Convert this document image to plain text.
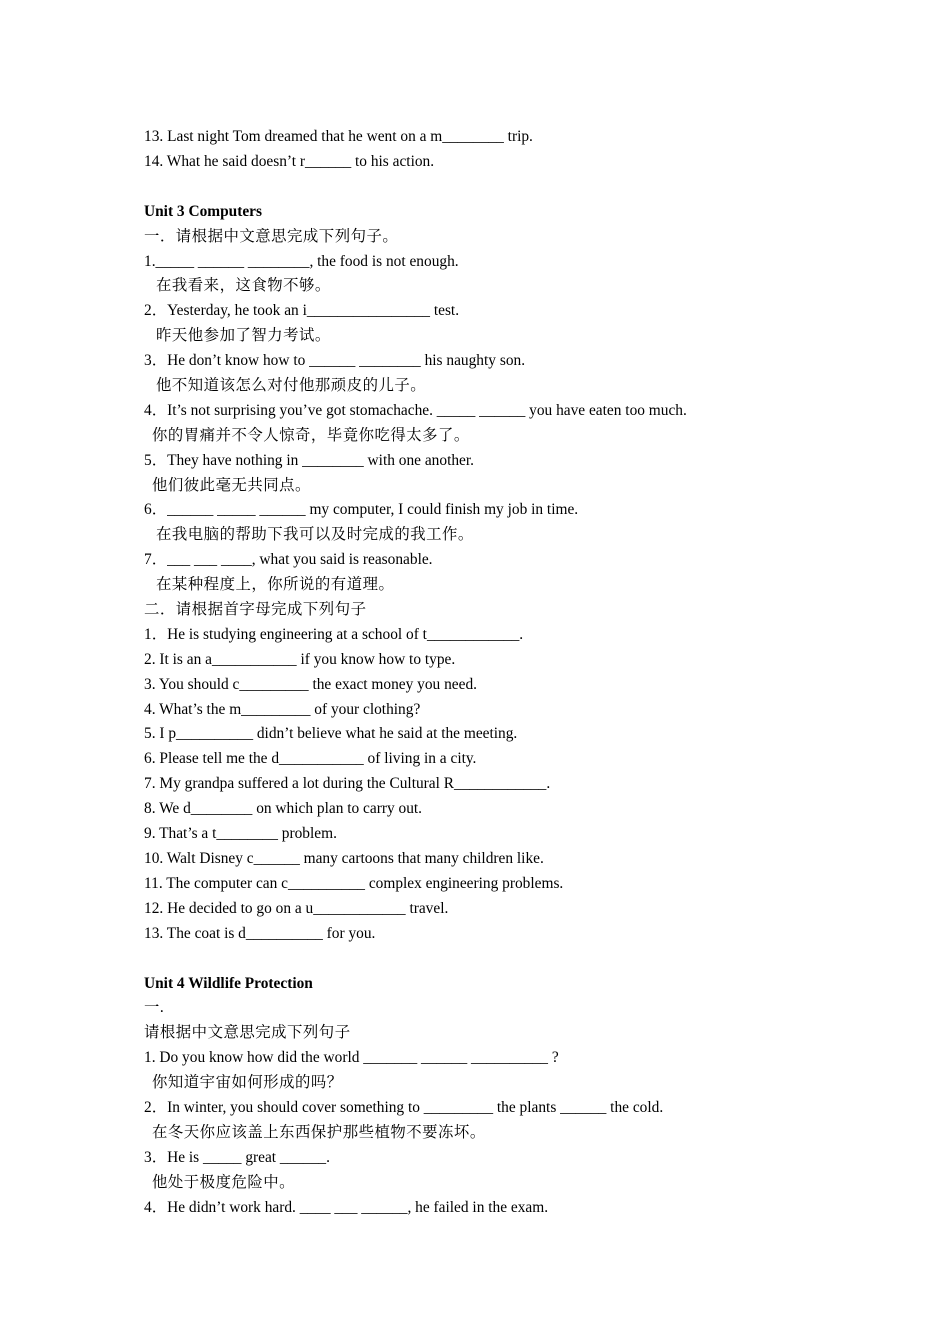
13. Last night Tom dreamed that he went on a m________ trip.
14. What he said doesn’t r______ to his action.
Unit 3 Computers
一．请根据中文意思完成下列句子。
1._____ ______ ________, the food is not enough.
在我看来，这食物不够。
2．Yesterday, he took an i________________ test.
昨天他参加了智力考试。
3．He don’t know how to ______ ________ his naughty son.
他不知道该怎么对付他那顽皮的儿子。
4．It’s not surprising you’ve got stomachache. _____ ______ you have eaten too much.
你的胃痛并不令人惊奇，毕竟你吃得太多了。
5．They have nothing in ________ with one another.
他们彼此毫无共同点。
6．______ _____ ______ my computer, I could finish my job in time.
在我电脑的帮助下我可以及时完成的我工作。
7．___ ___ ____, what you said is reasonable.
在某种程度上，你所说的有道理。
二．请根据首字母完成下列句子
1．He is studying engineering at a school of t____________.
2. It is an a___________ if you know how to type.
3. You should c_________ the exact money you need.
4. What’s the m_________ of your clothing?
5. I p__________ didn’t believe what he said at the meeting.
6. Please tell me the d___________ of living in a city.
7. My grandpa suffered a lot during the Cultural R____________.
8. We d________ on which plan to carry out.
9. That’s a t________ problem.
10. Walt Disney c______ many cartoons that many children like.
11. The computer can c__________ complex engineering problems.
12. He decided to go on a u____________ travel.
13. The coat is d__________ for you.
Unit 4 Wildlife Protection
一.
请根据中文意思完成下列句子
1. Do you know how did the world _______ ______ __________ ?
你知道宇宙如何形成的吗？
2．In winter, you should cover something to _________ the plants ______ the cold.
在冬天你应该盖上东西保护那些植物不要冻坏。
3．He is _____ great ______.
他处于极度危险中。
4．He didn’t work hard. ____ ___ ______, he failed in the exam.
